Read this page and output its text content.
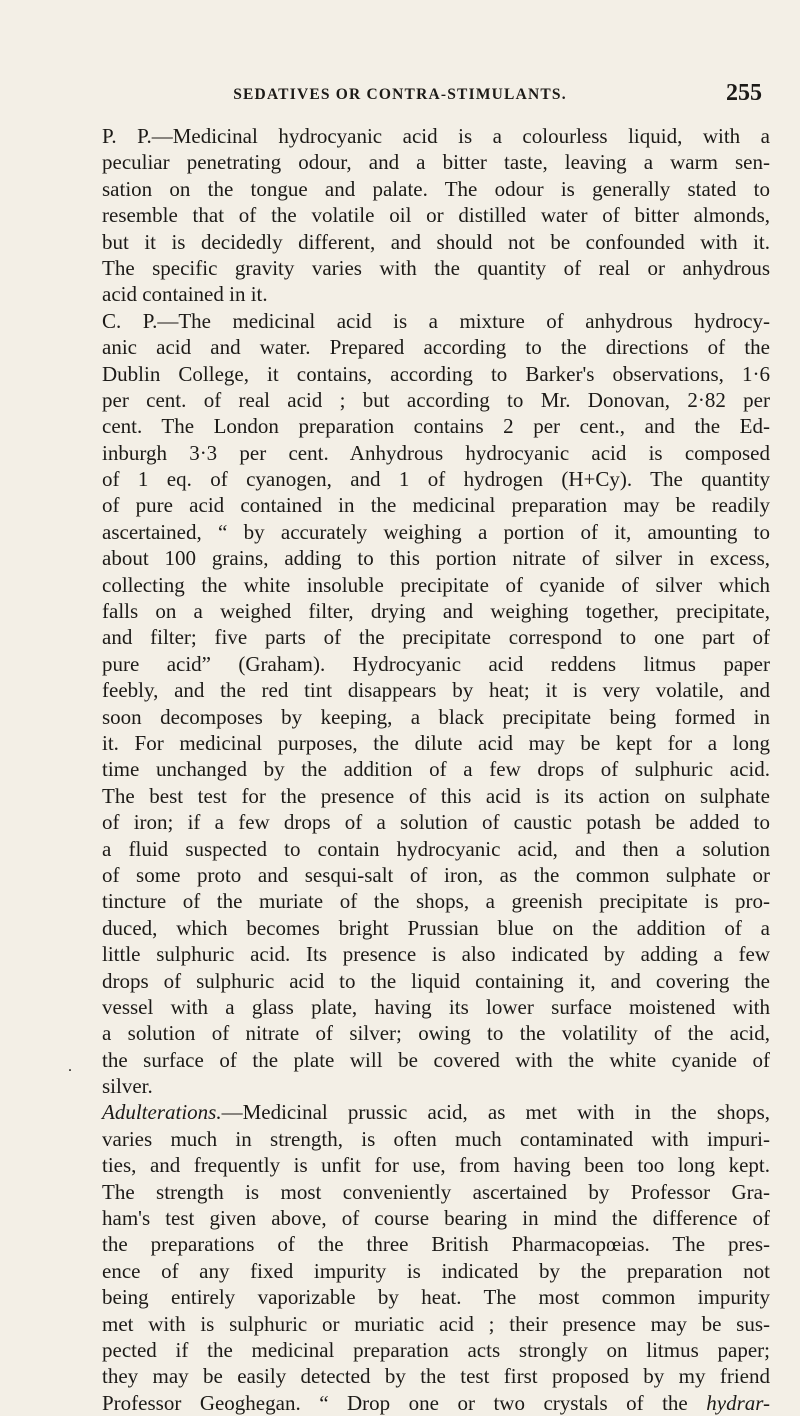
SEDATIVES OR CONTRA-STIMULANTS.	255
.
P. P.—Medicinal hydrocyanic acid is a colourless liquid, with a
peculiar penetrating odour, and a bitter taste, leaving a warm sen-
sation on the tongue and palate. The odour is generally stated to
resemble that of the volatile oil or distilled water of bitter almonds,
but it is decidedly different, and should not be confounded with it.
The specific gravity varies with the quantity of real or anhydrous
acid contained in it.
C. P.—The medicinal acid is a mixture of anhydrous hydrocy-
anic acid and water. Prepared according to the directions of the
Dublin College, it contains, according to Barker's observations, 1·6
per cent. of real acid ; but according to Mr. Donovan, 2·82 per
cent. The London preparation contains 2 per cent., and the Ed-
inburgh 3·3 per cent. Anhydrous hydrocyanic acid is composed
of 1 eq. of cyanogen, and 1 of hydrogen (H+Cy). The quantity
of pure acid contained in the medicinal preparation may be readily
ascertained, “ by accurately weighing a portion of it, amounting to
about 100 grains, adding to this portion nitrate of silver in excess,
collecting the white insoluble precipitate of cyanide of silver which
falls on a weighed filter, drying and weighing together, precipitate,
and filter; five parts of the precipitate correspond to one part of
pure acid” (Graham). Hydrocyanic acid reddens litmus paper
feebly, and the red tint disappears by heat; it is very volatile, and
soon decomposes by keeping, a black precipitate being formed in
it. For medicinal purposes, the dilute acid may be kept for a long
time unchanged by the addition of a few drops of sulphuric acid.
The best test for the presence of this acid is its action on sulphate
of iron; if a few drops of a solution of caustic potash be added to
a fluid suspected to contain hydrocyanic acid, and then a solution
of some proto and sesqui-salt of iron, as the common sulphate or
tincture of the muriate of the shops, a greenish precipitate is pro-
duced, which becomes bright Prussian blue on the addition of a
little sulphuric acid. Its presence is also indicated by adding a few
drops of sulphuric acid to the liquid containing it, and covering the
vessel with a glass plate, having its lower surface moistened with
a solution of nitrate of silver; owing to the volatility of the acid,
the surface of the plate will be covered with the white cyanide of
silver.
Adulterations.—Medicinal prussic acid, as met with in the shops,
varies much in strength, is often much contaminated with impuri-
ties, and frequently is unfit for use, from having been too long kept.
The strength is most conveniently ascertained by Professor Gra-
ham's test given above, of course bearing in mind the difference of
the preparations of the three British Pharmacopœias. The pres-
ence of any fixed impurity is indicated by the preparation not
being entirely vaporizable by heat. The most common impurity
met with is sulphuric or muriatic acid ; their presence may be sus-
pected if the medicinal preparation acts strongly on litmus paper;
they may be easily detected by the test first proposed by my friend
Professor Geoghegan. “ Drop one or two crystals of the hydrar-
